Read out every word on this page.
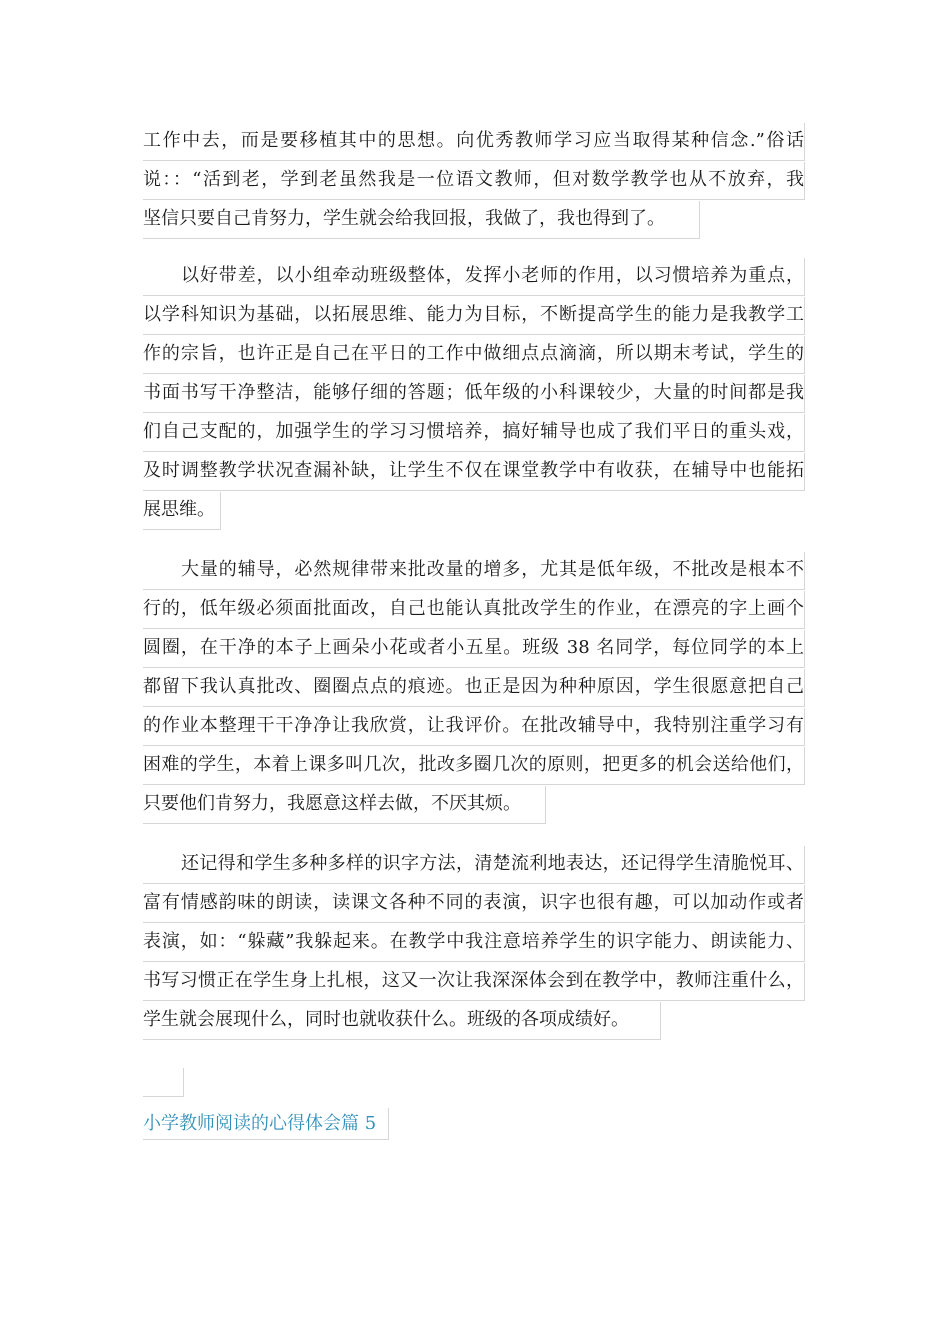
工作中去，而是要移植其中的思想。向优秀教师学习应当取得某种信念.”俗话
说：：“活到老，学到老虽然我是一位语文教师，但对数学教学也从不放弃，我
坚信只要自己肯努力，学生就会给我回报，我做了，我也得到了。
以好带差，以小组牵动班级整体，发挥小老师的作用，以习惯培养为重点，
以学科知识为基础，以拓展思维、能力为目标，不断提高学生的能力是我教学工
作的宗旨，也许正是自己在平日的工作中做细点点滴滴，所以期末考试，学生的
书面书写干净整洁，能够仔细的答题；低年级的小科课较少，大量的时间都是我
们自己支配的，加强学生的学习习惯培养，搞好辅导也成了我们平日的重头戏，
及时调整教学状况查漏补缺，让学生不仅在课堂教学中有收获，在辅导中也能拓
展思维。
大量的辅导，必然规律带来批改量的增多，尤其是低年级，不批改是根本不
行的，低年级必须面批面改，自己也能认真批改学生的作业，在漂亮的字上画个
圆圈，在干净的本子上画朵小花或者小五星。班级 38 名同学，每位同学的本上
都留下我认真批改、圈圈点点的痕迹。也正是因为种种原因，学生很愿意把自己
的作业本整理干干净净让我欣赏，让我评价。在批改辅导中，我特别注重学习有
困难的学生，本着上课多叫几次，批改多圈几次的原则，把更多的机会送给他们，
只要他们肯努力，我愿意这样去做，不厌其烦。
还记得和学生多种多样的识字方法，清楚流利地表达，还记得学生清脆悦耳、
富有情感韵味的朗读，读课文各种不同的表演，识字也很有趣，可以加动作或者
表演，如：“躲藏”我躲起来。在教学中我注意培养学生的识字能力、朗读能力、
书写习惯正在学生身上扎根，这又一次让我深深体会到在教学中，教师注重什么，
学生就会展现什么，同时也就收获什么。班级的各项成绩好。
小学教师阅读的心得体会篇 5
